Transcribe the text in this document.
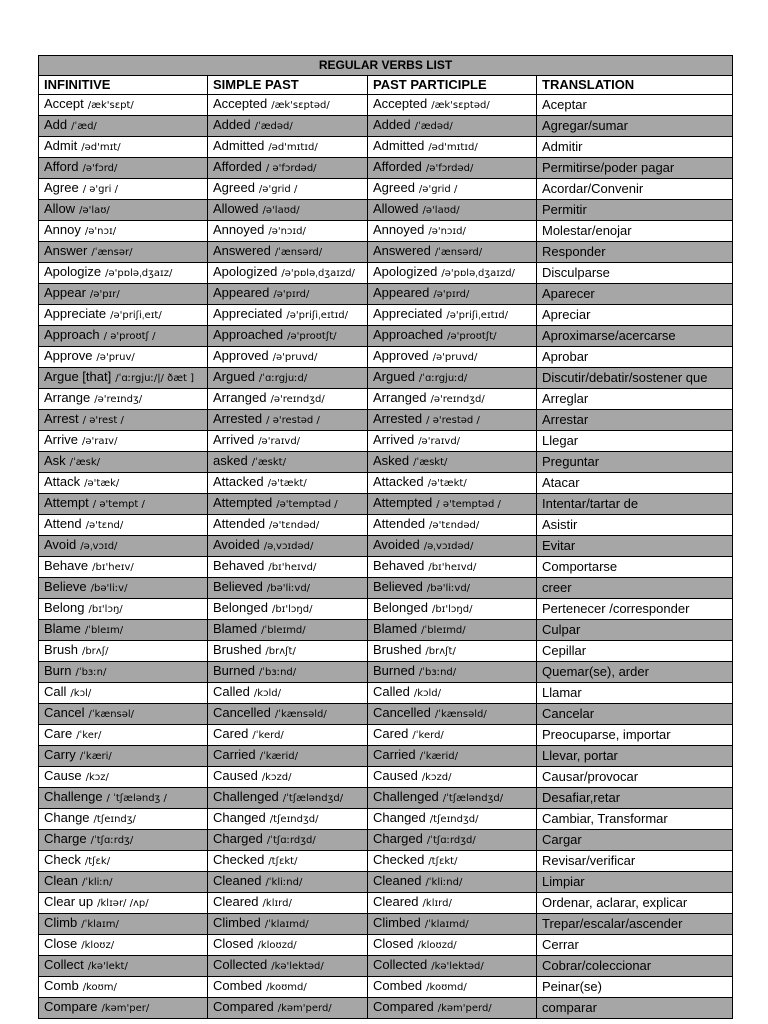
REGULAR VERBS LIST			
INFINITIVE	SIMPLE PAST	PAST PARTICIPLE	TRANSLATION
Accept /æk'sɛpt/	Accepted /æk'sɛptəd/	Accepted /æk'sɛptəd/	Aceptar
Add /ˈæd/	Added /ˈædəd/	Added /ˈædəd/	Agregar/sumar
Admit /əd'mɪt/	Admitted /əd'mɪtɪd/	Admitted /əd'mɪtɪd/	Admitir
Afford /ə'fɔrd/	Afforded / ə'fɔrdəd/	Afforded /ə'fɔrdəd/	Permitirse/poder pagar
Agree / ə'gri /	Agreed /ə'grid /	Agreed /ə'grid /	Acordar/Convenir
Allow /ə'laʊ/	Allowed /ə'laʊd/	Allowed /ə'laʊd/	Permitir
Annoy /ə'nɔɪ/	Annoyed /ə'nɔɪd/	Annoyed /ə'nɔɪd/	Molestar/enojar
Answer /ˈænsər/	Answered /ˈænsərd/	Answered /ˈænsərd/	Responder
Apologize /ə'pɒləˌdʒaɪz/	Apologized /ə'pɒləˌdʒaɪzd/	Apologized /ə'pɒləˌdʒaɪzd/	Disculparse
Appear /ə'pɪr/	Appeared /ə'pɪrd/	Appeared /ə'pɪrd/	Aparecer
Appreciate /ə'priʃiˌeɪt/	Appreciated /ə'priʃiˌeɪtɪd/	Appreciated /ə'priʃiˌeɪtɪd/	Apreciar
Approach / ə'proʊtʃ /	Approached /ə'proʊtʃt/	Approached /ə'proʊtʃt/	Aproximarse/acercarse
Approve /ə'pruv/	Approved /ə'pruvd/	Approved /ə'pruvd/	Aprobar
Argue [that] /ˈɑːrgjuː/|/ ðæt ]	Argued /ˈɑːrgjuːd/	Argued /ˈɑːrgjuːd/	Discutir/debatir/sostener que
Arrange /ə'reɪndʒ/	Arranged /ə'reɪndʒd/	Arranged /ə'reɪndʒd/	Arreglar
Arrest / ə'rest /	Arrested / ə'restəd /	Arrested / ə'restəd /	Arrestar
Arrive /ə'raɪv/	Arrived /ə'raɪvd/	Arrived /ə'raɪvd/	Llegar
Ask /ˈæsk/	asked /ˈæskt/	Asked /ˈæskt/	Preguntar
Attack /ə'tæk/	Attacked /ə'tækt/	Attacked /ə'tækt/	Atacar
Attempt / ə'tempt /	Attempted /ə'temptəd /	Attempted / ə'temptəd /	Intentar/tartar de
Attend /ə'tɛnd/	Attended /ə'tɛndəd/	Attended /ə'tɛndəd/	Asistir
Avoid /əˌvɔɪd/	Avoided /əˌvɔɪdəd/	Avoided /əˌvɔɪdəd/	Evitar
Behave /bɪ'heɪv/	Behaved /bɪ'heɪvd/	Behaved /bɪ'heɪvd/	Comportarse
Believe /bə'liːv/	Believed /bə'liːvd/	Believed /bə'liːvd/	creer
Belong /bɪ'lɔŋ/	Belonged /bɪ'lɔŋd/	Belonged /bɪ'lɔŋd/	Pertenecer /corresponder
Blame /ˈbleɪm/	Blamed /ˈbleɪmd/	Blamed /ˈbleɪmd/	Culpar
Brush /brʌʃ/	Brushed /brʌʃt/	Brushed /brʌʃt/	Cepillar
Burn /ˈbɜːn/	Burned /ˈbɜːnd/	Burned /ˈbɜːnd/	Quemar(se), arder
Call /kɔl/	Called /kɔld/	Called /kɔld/	Llamar
Cancel /ˈkænsəl/	Cancelled /ˈkænsəld/	Cancelled /ˈkænsəld/	Cancelar
Care /ˈker/	Cared /ˈkerd/	Cared /ˈkerd/	Preocuparse, importar
Carry /ˈkæri/	Carried /ˈkærid/	Carried /ˈkærid/	Llevar, portar
Cause /kɔz/	Caused /kɔzd/	Caused /kɔzd/	Causar/provocar
Challenge / ˈtʃæləndʒ /	Challenged /ˈtʃæləndʒd/	Challenged /ˈtʃæləndʒd/	Desafiar,retar
Change /tʃeɪndʒ/	Changed /tʃeɪndʒd/	Changed /tʃeɪndʒd/	Cambiar, Transformar
Charge /ˈtʃɑːrdʒ/	Charged /ˈtʃɑːrdʒd/	Charged /ˈtʃɑːrdʒd/	Cargar
Check /tʃɛk/	Checked /tʃɛkt/	Checked /tʃɛkt/	Revisar/verificar
Clean /ˈkliːn/	Cleaned /ˈkliːnd/	Cleaned /ˈkliːnd/	Limpiar
Clear up /klɪər/ /ʌp/	Cleared /klɪrd/	Cleared /klɪrd/	Ordenar, aclarar, explicar
Climb /ˈklaɪm/	Climbed /ˈklaɪmd/	Climbed /ˈklaɪmd/	Trepar/escalar/ascender
Close /kloʊz/	Closed /kloʊzd/	Closed /kloʊzd/	Cerrar
Collect /kə'lekt/	Collected /kə'lektəd/	Collected /kə'lektəd/	Cobrar/coleccionar
Comb /koʊm/	Combed /koʊmd/	Combed /koʊmd/	Peinar(se)
Compare /kəm'per/	Compared /kəm'perd/	Compared /kəm'perd/	comparar
